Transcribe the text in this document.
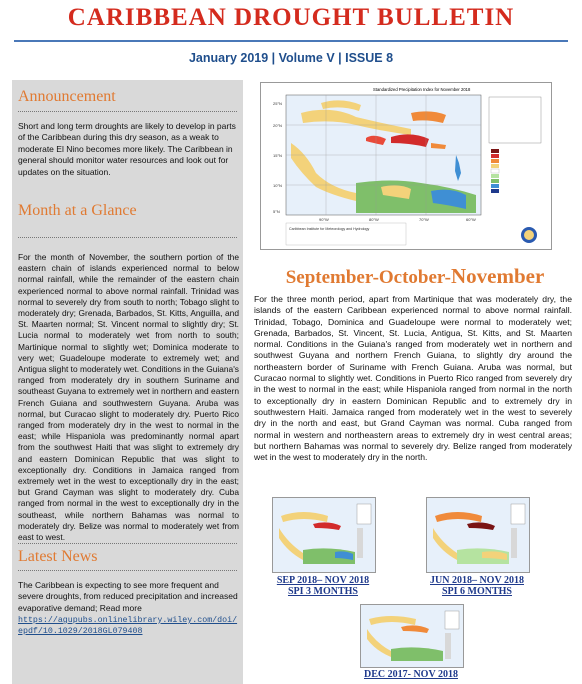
CARIBBEAN DROUGHT BULLETIN
January 2019 | Volume V | ISSUE 8
Announcement
Short and long term droughts are likely to develop in parts of the Caribbean during this dry season, as a weak to moderate El Nino becomes more likely. The Caribbean in general should monitor water resources and look out for updates on the situation.
Month at a Glance
For the month of November, the southern portion of the eastern chain of islands experienced normal to below normal rainfall, while the remainder of the eastern chain experienced normal to above normal rainfall. Trinidad was normal to severely dry from south to north; Tobago slight to moderately dry; Grenada, Barbados, St. Kitts, Anguilla, and St. Maarten normal; St. Vincent normal to slightly dry; St. Lucia normal to moderately wet from north to south; Martinique normal to slightly wet; Dominica moderate to very wet; Guadeloupe moderate to extremely wet; and Antigua slight to moderately wet. Conditions in the Guiana's ranged from moderately dry in southern Suriname and southeast Guyana to extremely wet in northern and eastern French Guiana and southwestern Guyana. Aruba was normal, but Curacao slight to moderately dry. Puerto Rico ranged from moderately dry in the west to normal in the east; while Hispaniola was predominantly normal apart from the southwest Haiti that was slight to extremely dry and eastern Dominican Republic that was slight to exceptionally dry. Conditions in Jamaica ranged from extremely wet in the west to exceptionally dry in the east; but Grand Cayman was slight to moderately dry. Cuba ranged from normal in the west to exceptionally dry in the southeast, while northern Bahamas was normal to moderately dry. Belize was normal to moderately wet from east to west.
Latest News
The Caribbean is expecting to see more frequent and severe droughts, from reduced precipitation and increased evaporative demand; Read more
https://agupubs.onlinelibrary.wiley.com/doi/epdf/10.1029/2018GL079408
Standardized Precipitation Index for November 2018
90°W	80°W	70°W	60°W
25°N
20°N
15°N
10°N
5°N
Caribbean Institute for Meteorology and Hydrology
September-October-November
For the three month period, apart from Martinique that was moderately dry, the islands of the eastern Caribbean experienced normal to above normal rainfall. Trinidad, Tobago, Dominica and Guadeloupe were normal to moderately wet; Grenada, Barbados, St. Vincent, St. Lucia, Antigua, St. Kitts, and St. Maarten normal. Conditions in the Guiana's ranged from moderately wet in northern and southwest Guyana and northern French Guiana, to slightly dry around the northeastern border of Suriname with French Guiana. Aruba was normal, but Curacao normal to slightly wet. Conditions in Puerto Rico ranged from severely dry in the west to normal in the east; while Hispaniola ranged from normal in the north to exceptionally dry in eastern Dominican Republic and to extremely dry in southwestern Haiti. Jamaica ranged from moderately wet in the west to severely dry in the north and east, but Grand Cayman was normal. Cuba ranged from normal in western and northeastern areas to extremely dry in west central areas; but northern Bahamas was normal to severely dry. Belize ranged from moderately wet in the west to moderately dry in the north.
SEP 2018– NOV 2018
SPI 3 MONTHS
JUN 2018– NOV 2018
SPI 6 MONTHS
DEC 2017- NOV 2018
